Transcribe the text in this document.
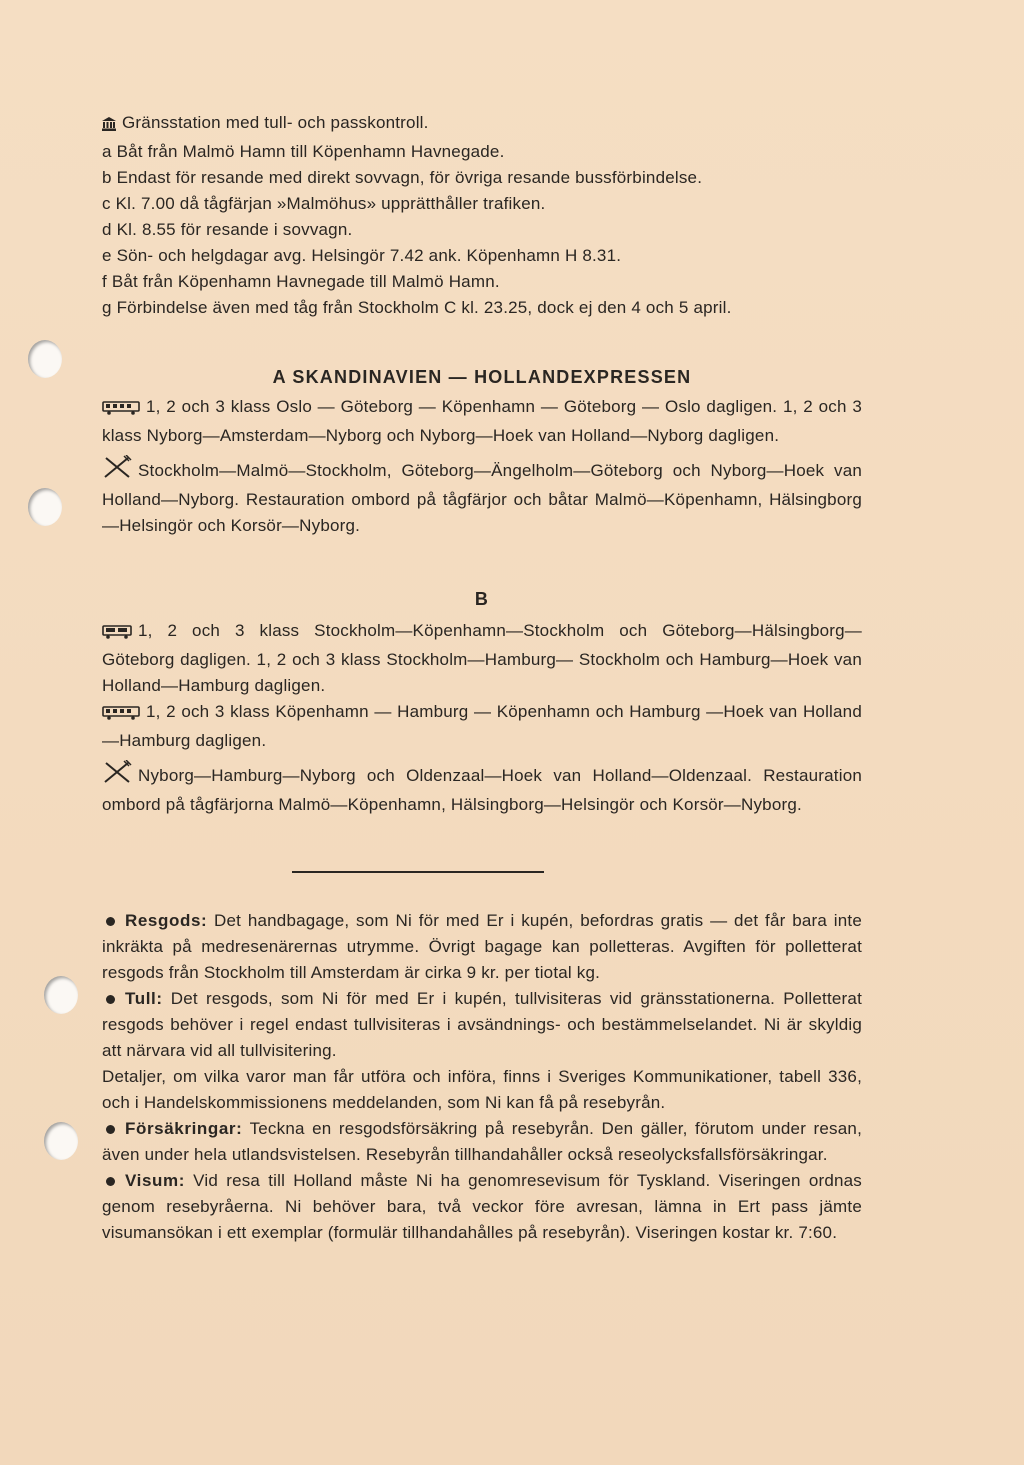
Gränsstation med tull- och passkontroll.
a Båt från Malmö Hamn till Köpenhamn Havnegade.
b Endast för resande med direkt sovvagn, för övriga resande bussförbindelse.
c Kl. 7.00 då tågfärjan »Malmöhus» upprätthåller trafiken.
d Kl. 8.55 för resande i sovvagn.
e Sön- och helgdagar avg. Helsingör 7.42 ank. Köpenhamn H 8.31.
f Båt från Köpenhamn Havnegade till Malmö Hamn.
g Förbindelse även med tåg från Stockholm C kl. 23.25, dock ej den 4 och 5 april.
A SKANDINAVIEN — HOLLANDEXPRESSEN
1, 2 och 3 klass Oslo — Göteborg — Köpenhamn — Göteborg — Oslo dagligen. 1, 2 och 3 klass Nyborg—Amsterdam—Nyborg och Nyborg—Hoek van Holland—Nyborg dagligen.
Stockholm—Malmö—Stockholm, Göteborg—Ängelholm—Göteborg och Nyborg—Hoek van Holland—Nyborg. Restauration ombord på tågfärjor och båtar Malmö—Köpenhamn, Hälsingborg—Helsingör och Korsör—Nyborg.
B
1, 2 och 3 klass Stockholm—Köpenhamn—Stockholm och Göteborg—Hälsingborg—Göteborg dagligen. 1, 2 och 3 klass Stockholm—Hamburg— Stockholm och Hamburg—Hoek van Holland—Hamburg dagligen.
1, 2 och 3 klass Köpenhamn — Hamburg — Köpenhamn och Hamburg —Hoek van Holland—Hamburg dagligen.
Nyborg—Hamburg—Nyborg och Oldenzaal—Hoek van Holland—Oldenzaal. Restauration ombord på tågfärjorna Malmö—Köpenhamn, Hälsingborg—Helsingör och Korsör—Nyborg.
Resgods: Det handbagage, som Ni för med Er i kupén, befordras gratis — det får bara inte inkräkta på medresenärernas utrymme. Övrigt bagage kan polletteras. Avgiften för polletterat resgods från Stockholm till Amsterdam är cirka 9 kr. per tiotal kg.
Tull: Det resgods, som Ni för med Er i kupén, tullvisiteras vid gränsstationerna. Polletterat resgods behöver i regel endast tullvisiteras i avsändnings- och bestämmelselandet. Ni är skyldig att närvara vid all tullvisitering.
Detaljer, om vilka varor man får utföra och införa, finns i Sveriges Kommunikationer, tabell 336, och i Handelskommissionens meddelanden, som Ni kan få på resebyrån.
Försäkringar: Teckna en resgodsförsäkring på resebyrån. Den gäller, förutom under resan, även under hela utlandsvistelsen. Resebyrån tillhandahåller också reseolycksfallsförsäkringar.
Visum: Vid resa till Holland måste Ni ha genomresevisum för Tyskland. Viseringen ordnas genom resebyråerna. Ni behöver bara, två veckor före avresan, lämna in Ert pass jämte visumansökan i ett exemplar (formulär tillhandahålles på resebyrån). Viseringen kostar kr. 7:60.
